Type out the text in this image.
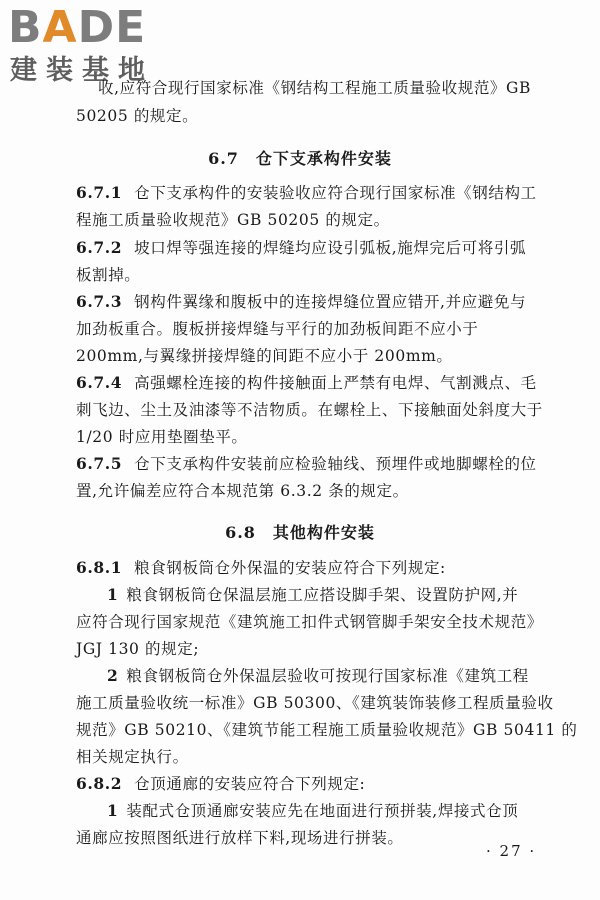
BADE
建装基地
收,应符合现行国家标准《钢结构工程施工质量验收规范》GB
50205 的规定。
6.7　仓下支承构件安装
6.7.1 仓下支承构件的安装验收应符合现行国家标准《钢结构工
程施工质量验收规范》GB 50205 的规定。
6.7.2 坡口焊等强连接的焊缝均应设引弧板,施焊完后可将引弧
板割掉。
6.7.3 钢构件翼缘和腹板中的连接焊缝位置应错开,并应避免与
加劲板重合。腹板拼接焊缝与平行的加劲板间距不应小于
200mm,与翼缘拼接焊缝的间距不应小于 200mm。
6.7.4 高强螺栓连接的构件接触面上严禁有电焊、气割溅点、毛
刺飞边、尘土及油漆等不洁物质。在螺栓上、下接触面处斜度大于
1/20 时应用垫圈垫平。
6.7.5 仓下支承构件安装前应检验轴线、预埋件或地脚螺栓的位
置,允许偏差应符合本规范第 6.3.2 条的规定。
6.8　其他构件安装
6.8.1 粮食钢板筒仓外保温的安装应符合下列规定:
1 粮食钢板筒仓保温层施工应搭设脚手架、设置防护网,并
应符合现行国家规范《建筑施工扣件式钢管脚手架安全技术规范》
JGJ 130 的规定;
2 粮食钢板筒仓外保温层验收可按现行国家标准《建筑工程
施工质量验收统一标准》GB 50300、《建筑装饰装修工程质量验收
规范》GB 50210、《建筑节能工程施工质量验收规范》GB 50411 的
相关规定执行。
6.8.2 仓顶通廊的安装应符合下列规定:
1 装配式仓顶通廊安装应先在地面进行预拼装,焊接式仓顶
通廊应按照图纸进行放样下料,现场进行拼装。
· 27 ·
